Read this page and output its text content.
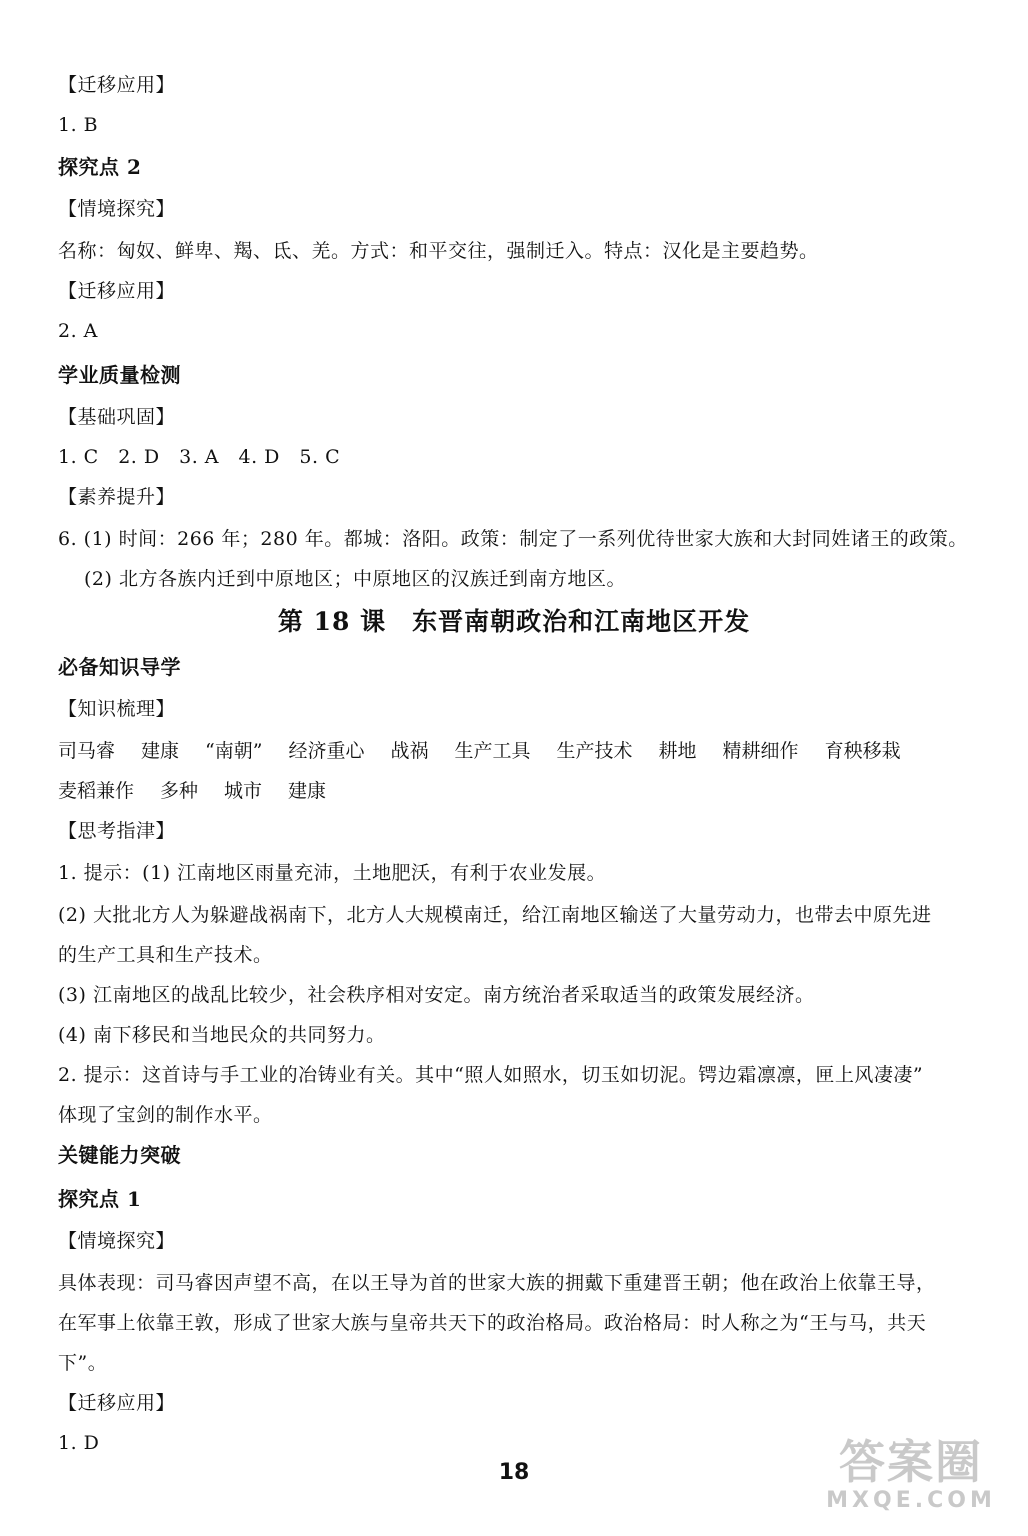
【迁移应用】
1. B
探究点 2
【情境探究】
名称：匈奴、鲜卑、羯、氐、羌。方式：和平交往，强制迁入。特点：汉化是主要趋势。
【迁移应用】
2. A
学业质量检测
【基础巩固】
1. C　2. D　3. A　4. D　5. C
【素养提升】
6. (1) 时间：266 年；280 年。都城：洛阳。政策：制定了一系列优待世家大族和大封同姓诸王的政策。
(2) 北方各族内迁到中原地区；中原地区的汉族迁到南方地区。
第 18 课　东晋南朝政治和江南地区开发
必备知识导学
【知识梳理】
司马睿 建康 “南朝” 经济重心 战祸 生产工具 生产技术 耕地 精耕细作 育秧移栽
麦稻兼作 多种 城市 建康
【思考指津】
1. 提示：(1) 江南地区雨量充沛，土地肥沃，有利于农业发展。
(2) 大批北方人为躲避战祸南下，北方人大规模南迁，给江南地区输送了大量劳动力，也带去中原先进
的生产工具和生产技术。
(3) 江南地区的战乱比较少，社会秩序相对安定。南方统治者采取适当的政策发展经济。
(4) 南下移民和当地民众的共同努力。
2. 提示：这首诗与手工业的冶铸业有关。其中“照人如照水，切玉如切泥。锷边霜凛凛，匣上风凄凄”
体现了宝剑的制作水平。
关键能力突破
探究点 1
【情境探究】
具体表现：司马睿因声望不高，在以王导为首的世家大族的拥戴下重建晋王朝；他在政治上依靠王导，
在军事上依靠王敦，形成了世家大族与皇帝共天下的政治格局。政治格局：时人称之为“王与马，共天
下”。
【迁移应用】
1. D
18	答案圈
MXQE.COM
